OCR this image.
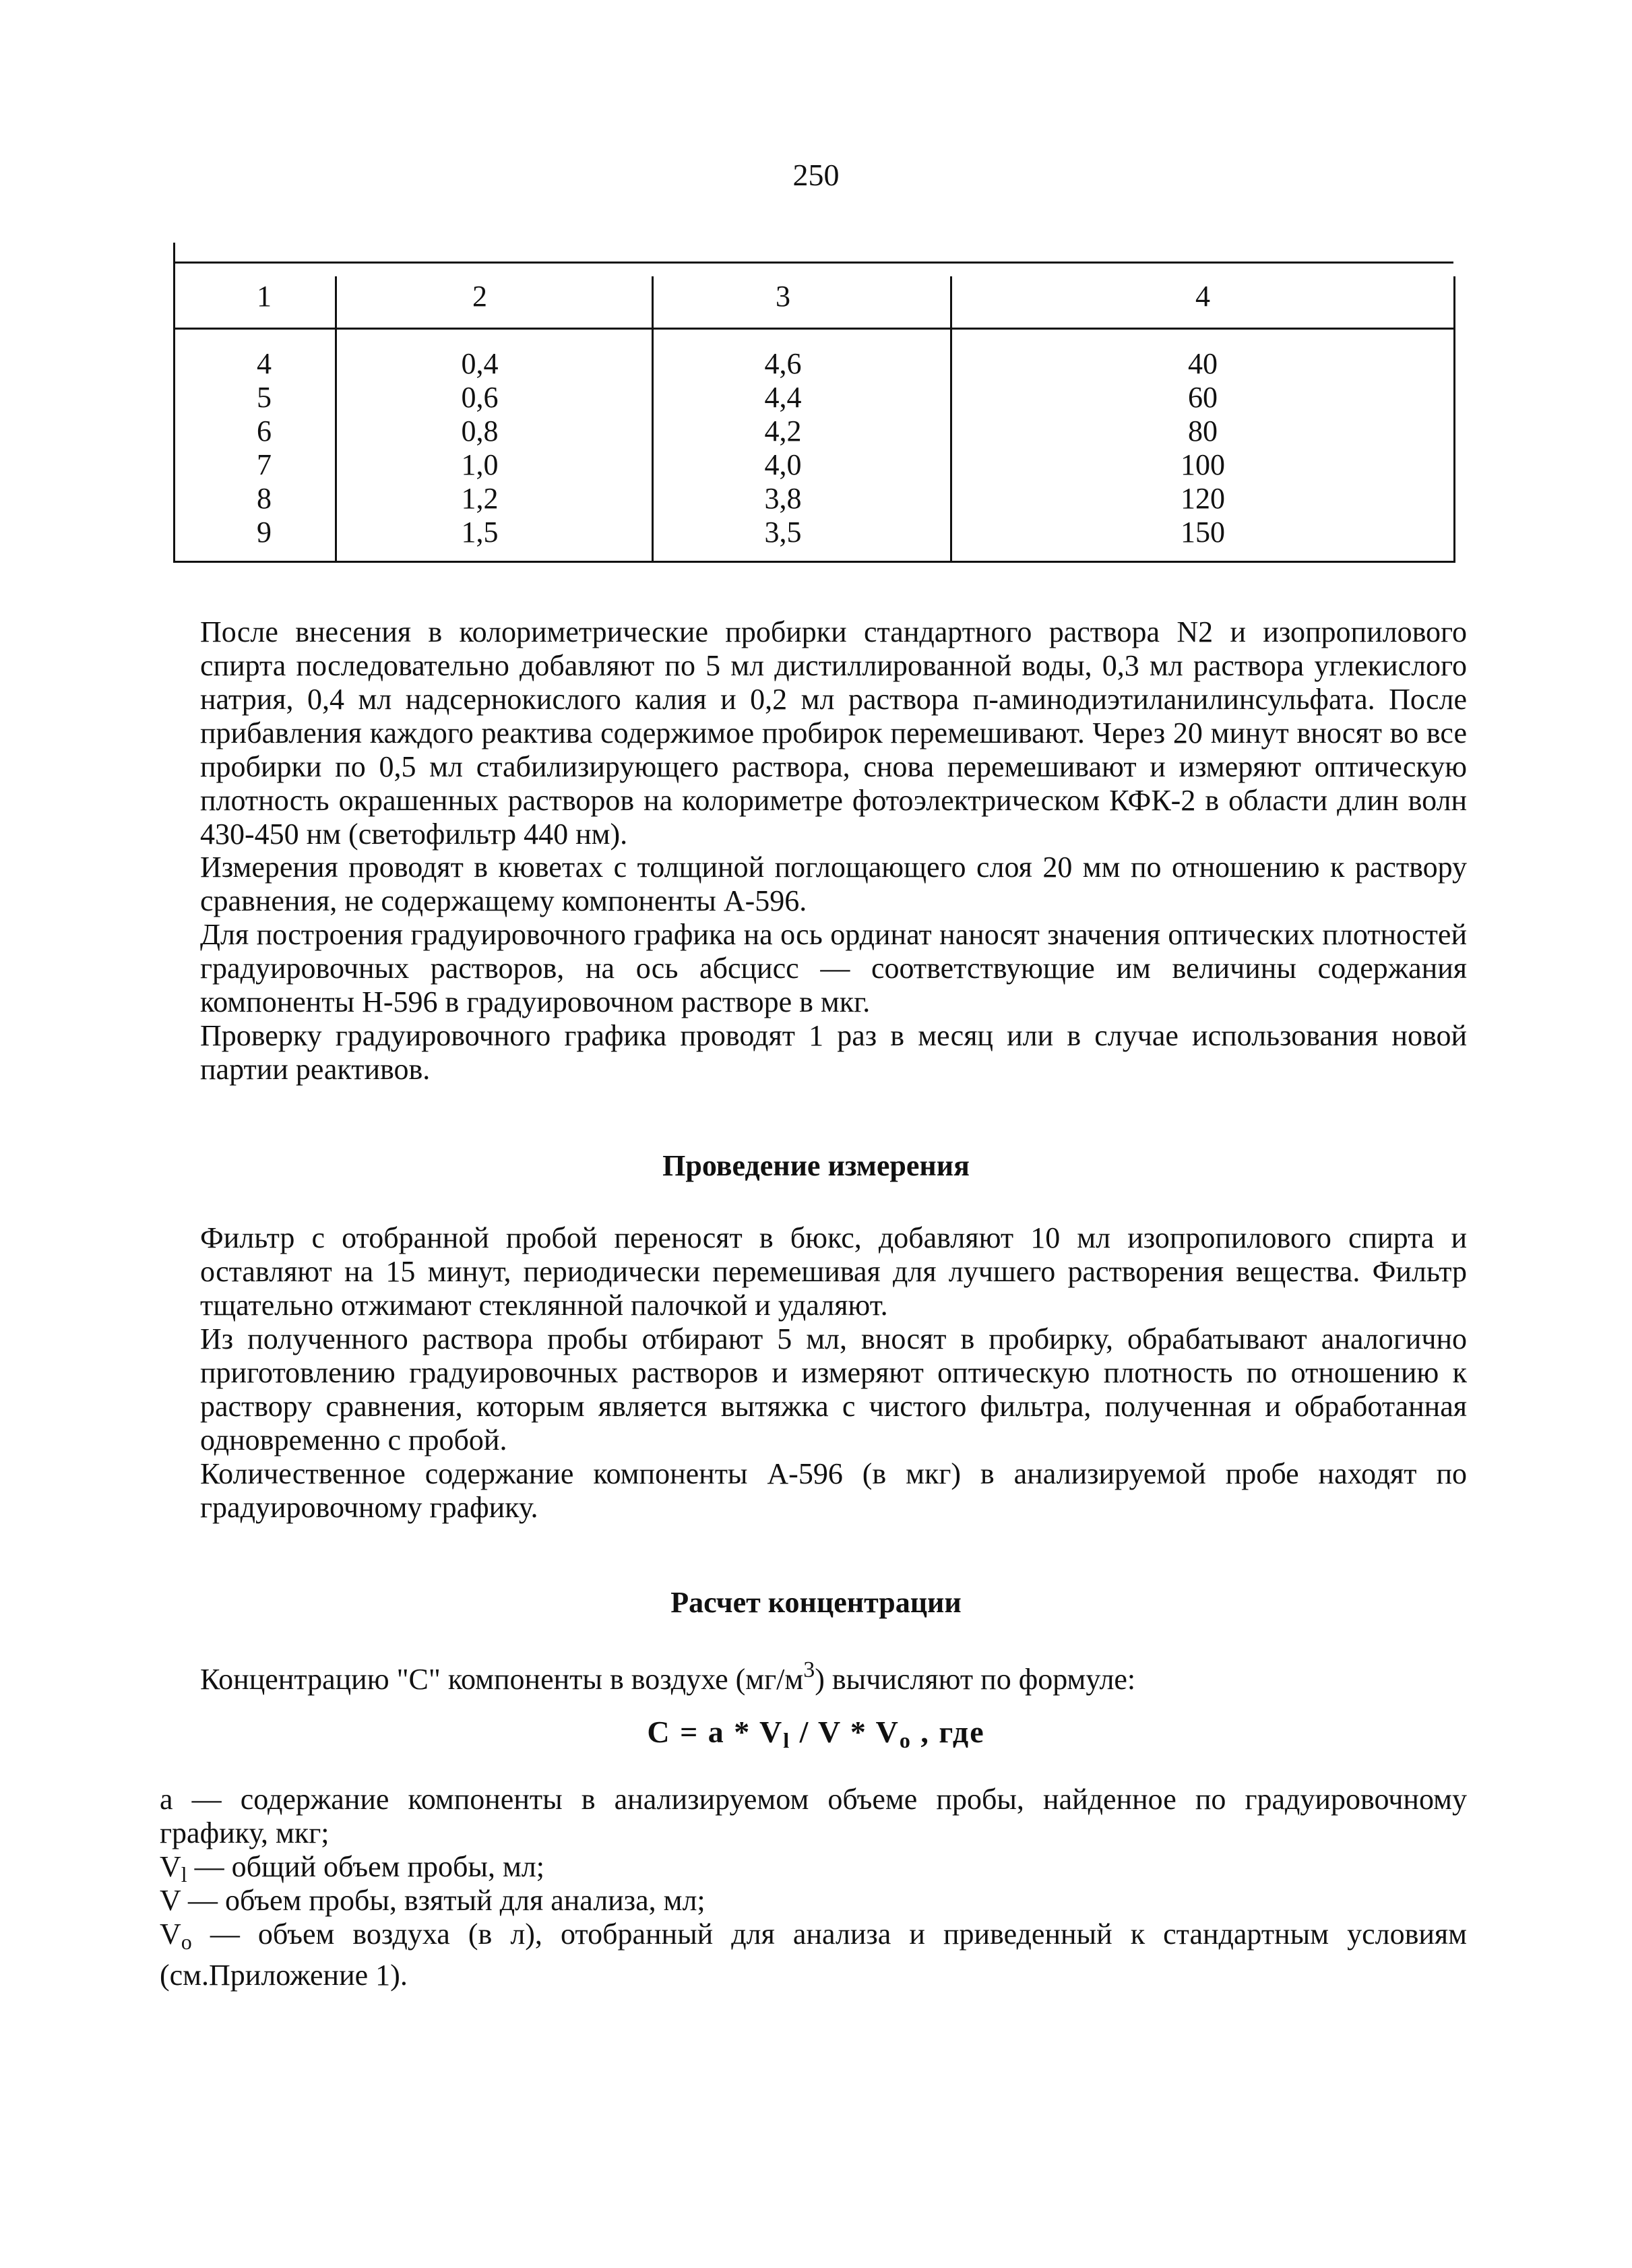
250
1	2	3	4
4	0,4	4,6	40
5	0,6	4,4	60
6	0,8	4,2	80
7	1,0	4,0	100
8	1,2	3,8	120
9	1,5	3,5	150
После внесения в колориметрические пробирки стандартного раствора N2 и изопропилового спирта последовательно добавляют по 5 мл дистиллированной воды, 0,3 мл раствора углекислого натрия, 0,4 мл надсернокислого калия и 0,2 мл раствора п-аминодиэтиланилинсульфата. После прибавления каждого реактива содержимое пробирок перемешивают. Через 20 минут вносят во все пробирки по 0,5 мл стабилизирующего раствора, снова перемешивают и измеряют оптическую плотность окрашенных растворов на колориметре фотоэлектрическом КФК-2 в области длин волн 430-450 нм (светофильтр 440 нм).
Измерения проводят в кюветах с толщиной поглощающего слоя 20 мм по отношению к раствору сравнения, не содержащему компоненты А-596.
Для построения градуировочного графика на ось ординат наносят значения оптических плотностей градуировочных растворов, на ось абсцисс — соответствующие им величины содержания компоненты Н-596 в градуировочном растворе в мкг.
Проверку градуировочного графика проводят 1 раз в месяц или в случае использования новой партии реактивов.
Проведение измерения
Фильтр с отобранной пробой переносят в бюкс, добавляют 10 мл изопропилового спирта и оставляют на 15 минут, периодически перемешивая для лучшего растворения вещества. Фильтр тщательно отжимают стеклянной палочкой и удаляют.
Из полученного раствора пробы отбирают 5 мл, вносят в пробирку, обрабатывают аналогично приготовлению градуировочных растворов и измеряют оптическую плотность по отношению к раствору сравнения, которым является вытяжка с чистого фильтра, полученная и обработанная одновременно с пробой.
Количественное содержание компоненты А-596 (в мкг) в анализируемой пробе находят по градуировочному графику.
Расчет концентрации
Концентрацию "С" компоненты в воздухе $(мг/м^3)$ вычисляют по формуле:
$С = a * V_l / V * V_o$ , где
a — содержание компоненты в анализируемом объеме пробы, найденное по градуировочному графику, мкг;
$V_l$ — общий объем пробы, мл;
V — объем пробы, взятый для анализа, мл;
$V_o$ — объем воздуха (в л), отобранный для анализа и приведенный к стандартным условиям (см.Приложение 1).
